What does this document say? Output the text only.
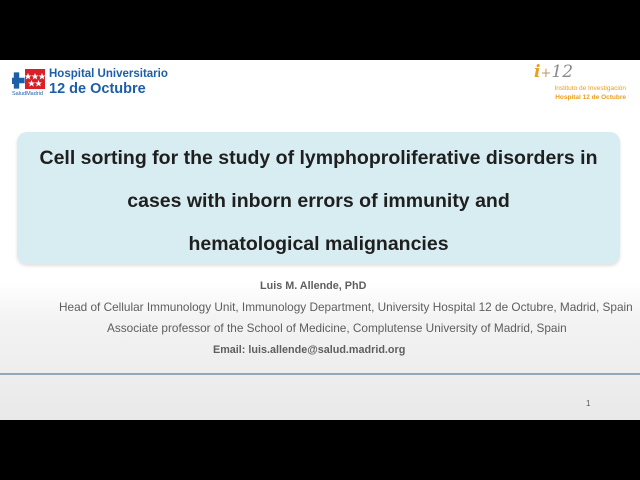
SaludMadrid
Hospital Universitario
12 de Octubre
i+12
Instituto de Investigación
Hospital 12 de Octubre
Cell sorting for the study of lymphoproliferative disorders in
cases with inborn errors of immunity and
hematological malignancies
Luis M. Allende, PhD
Head of Cellular Immunology Unit, Immunology Department, University Hospital 12 de Octubre, Madrid, Spain
Associate professor of the School of Medicine, Complutense University of Madrid, Spain
Email: luis.allende@salud.madrid.org
1
